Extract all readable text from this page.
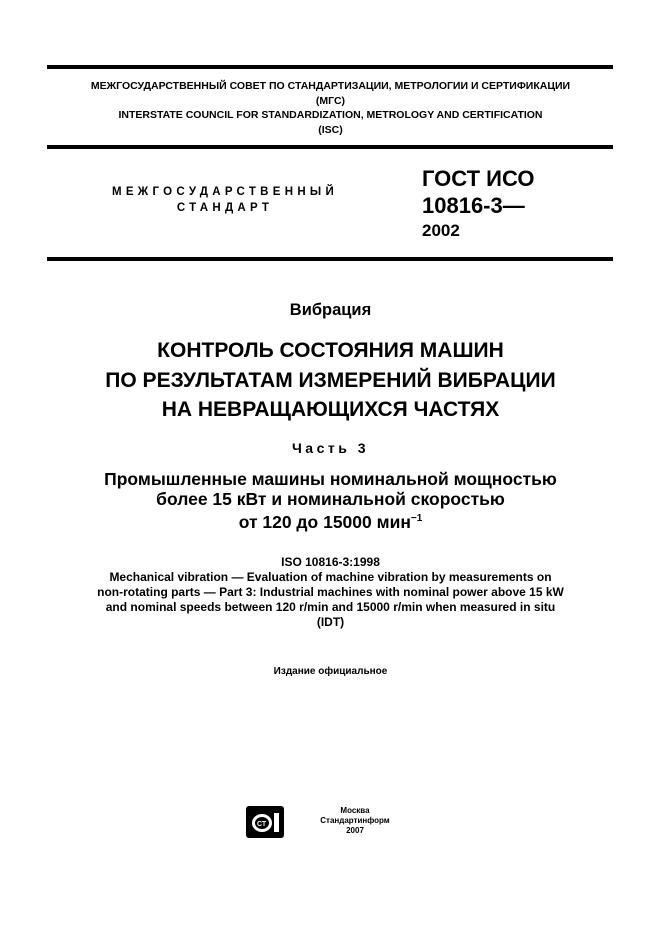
МЕЖГОСУДАРСТВЕННЫЙ СОВЕТ ПО СТАНДАРТИЗАЦИИ, МЕТРОЛОГИИ И СЕРТИФИКАЦИИ
(МГС)
INTERSTATE COUNCIL FOR STANDARDIZATION, METROLOGY AND CERTIFICATION
(ISC)
МЕЖГОСУДАРСТВЕННЫЙ
СТАНДАРТ
ГОСТ ИСО
10816-3—
2002
Вибрация
КОНТРОЛЬ СОСТОЯНИЯ МАШИН
ПО РЕЗУЛЬТАТАМ ИЗМЕРЕНИЙ ВИБРАЦИИ
НА НЕВРАЩАЮЩИХСЯ ЧАСТЯХ
Часть 3
Промышленные машины номинальной мощностью
более 15 кВт и номинальной скоростью
от 120 до 15000 мин$^{-1}$
ISO 10816-3:1998
Mechanical vibration — Evaluation of machine vibration by measurements on
non-rotating parts — Part 3: Industrial machines with nominal power above 15 kW
and nominal speeds between 120 r/min and 15000 r/min when measured in situ
(IDT)
Издание официальное
СТ
Москва
Стандартинформ
2007
